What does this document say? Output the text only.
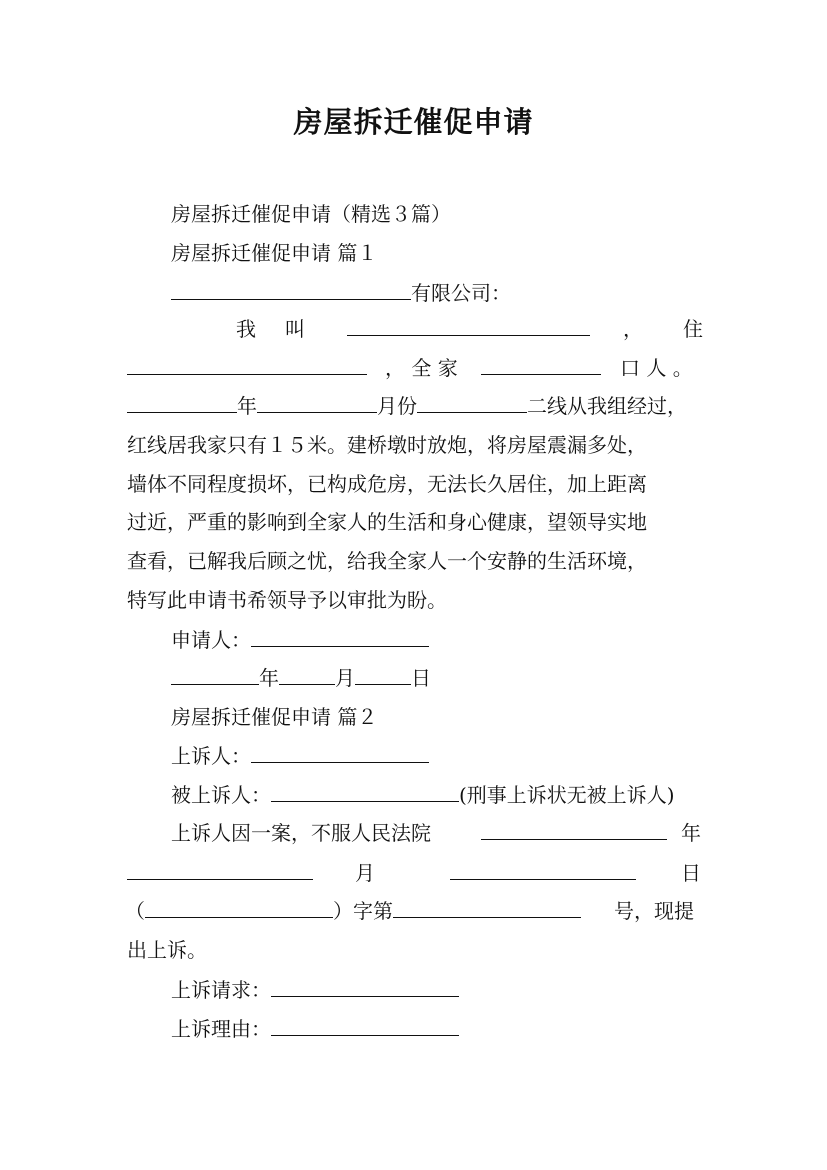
房屋拆迁催促申请
房屋拆迁催促申请（精选３篇）
房屋拆迁催促申请 篇１
有限公司：
我 叫	， 住
， 全 家	口 人 。
年	月份	二线从我组经过，
红线居我家只有１５米。建桥墩时放炮，将房屋震漏多处，
墙体不同程度损坏，已构成危房，无法长久居住，加上距离
过近，严重的影响到全家人的生活和身心健康，望领导实地
查看，已解我后顾之忧，给我全家人一个安静的生活环境，
特写此申请书希领导予以审批为盼。
申请人：
年	月	日
房屋拆迁催促申请 篇２
上诉人：
被上诉人：	(刑事上诉状无被上诉人)
上诉人因一案，不服人民法院	年
月	日
（	）字第	号，现提
出上诉。
上诉请求：
上诉理由：
